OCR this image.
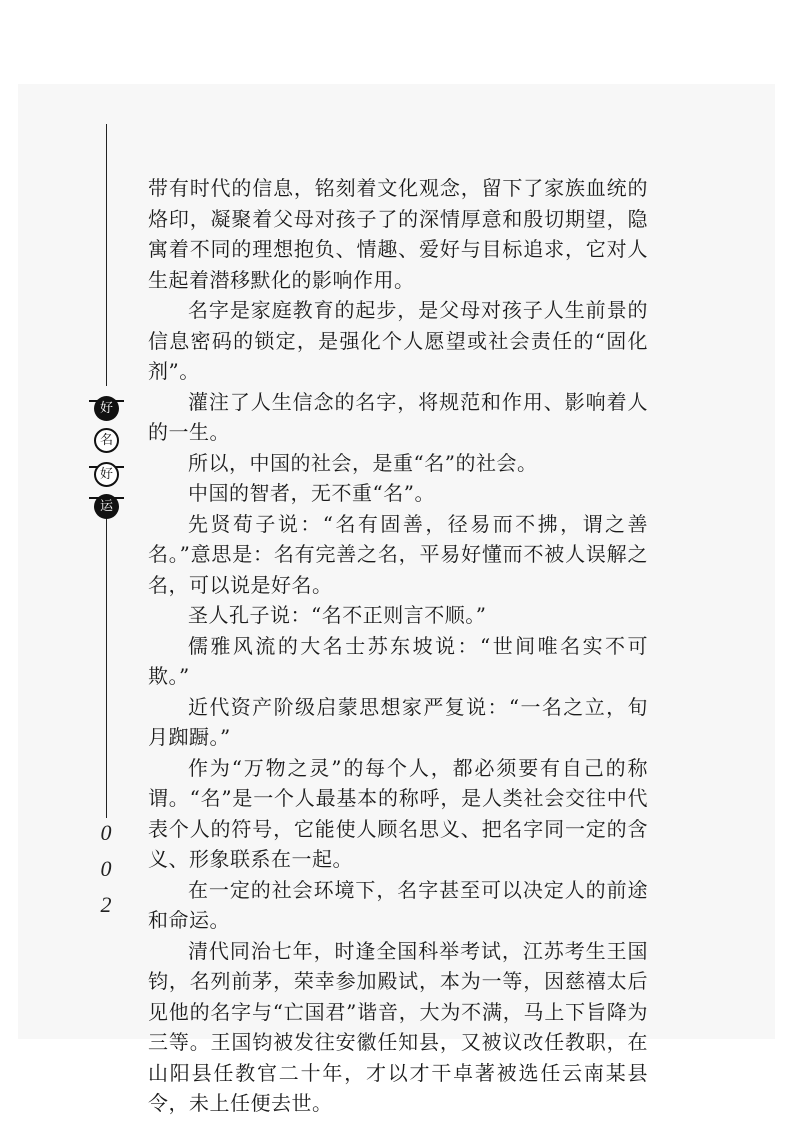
好
名
好
运
0
0
2

带有时代的信息，铭刻着文化观念，留下了家族血统的烙印，凝聚着父母对孩子了的深情厚意和殷切期望，隐寓着不同的理想抱负、情趣、爱好与目标追求，它对人生起着潜移默化的影响作用。

名字是家庭教育的起步，是父母对孩子人生前景的信息密码的锁定，是强化个人愿望或社会责任的“固化剂”。

灌注了人生信念的名字，将规范和作用、影响着人的一生。

所以，中国的社会，是重“名”的社会。

中国的智者，无不重“名”。

先贤荀子说：“名有固善，径易而不拂，谓之善名。”意思是：名有完善之名，平易好懂而不被人误解之名，可以说是好名。

圣人孔子说：“名不正则言不顺。”

儒雅风流的大名士苏东坡说：“世间唯名实不可欺。”

近代资产阶级启蒙思想家严复说：“一名之立，旬月踟蹰。”

作为“万物之灵”的每个人，都必须要有自己的称谓。“名”是一个人最基本的称呼，是人类社会交往中代表个人的符号，它能使人顾名思义、把名字同一定的含义、形象联系在一起。

在一定的社会环境下，名字甚至可以决定人的前途和命运。

清代同治七年，时逢全国科举考试，江苏考生王国钧，名列前茅，荣幸参加殿试，本为一等，因慈禧太后见他的名字与“亡国君”谐音，大为不满，马上下旨降为三等。王国钧被发往安徽任知县，又被议改任教职，在山阳县任教官二十年，才以才干卓著被选任云南某县令，未上任便去世。
